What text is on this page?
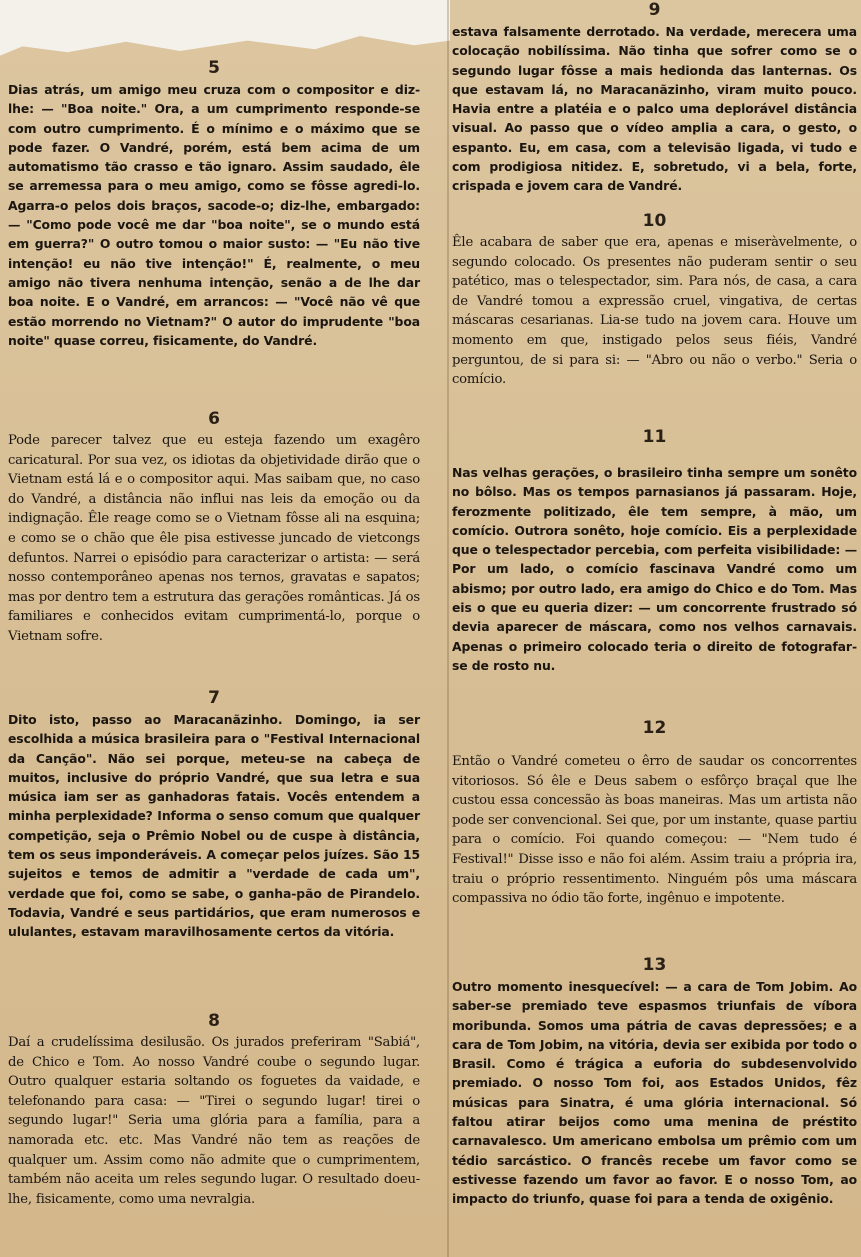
5

Dias atrás, um amigo meu cruza com o compositor e diz-lhe: — "Boa noite." Ora, a um cumprimento responde-se com outro cumprimento. É o mínimo e o máximo que se pode fazer. O Vandré, porém, está bem acima de um automatismo tão crasso e tão ignaro. Assim saudado, êle se arremessa para o meu amigo, como se fôsse agredi-lo. Agarra-o pelos dois braços, sacode-o; diz-lhe, embargado: — "Como pode você me dar "boa noite", se o mundo está em guerra?" O outro tomou o maior susto: — "Eu não tive intenção! eu não tive intenção!" É, realmente, o meu amigo não tivera nenhuma intenção, senão a de lhe dar boa noite. E o Vandré, em arrancos: — "Você não vê que estão morrendo no Vietnam?" O autor do imprudente "boa noite" quase correu, fisicamente, do Vandré.

6

Pode parecer talvez que eu esteja fazendo um exagêro caricatural. Por sua vez, os idiotas da objetividade dirão que o Vietnam está lá e o compositor aqui. Mas saibam que, no caso do Vandré, a distância não influi nas leis da emoção ou da indignação. Êle reage como se o Vietnam fôsse ali na esquina; e como se o chão que êle pisa estivesse juncado de vietcongs defuntos. Narrei o episódio para caracterizar o artista: — será nosso contemporâneo apenas nos ternos, gravatas e sapatos; mas por dentro tem a estrutura das gerações românticas. Já os familiares e conhecidos evitam cumprimentá-lo, porque o Vietnam sofre.

7

Dito isto, passo ao Maracanãzinho. Domingo, ia ser escolhida a música brasileira para o "Festival Internacional da Canção". Não sei porque, meteu-se na cabeça de muitos, inclusive do próprio Vandré, que sua letra e sua música iam ser as ganhadoras fatais. Vocês entendem a minha perplexidade? Informa o senso comum que qualquer competição, seja o Prêmio Nobel ou de cuspe à distância, tem os seus imponderáveis. A começar pelos juízes. São 15 sujeitos e temos de admitir a "verdade de cada um", verdade que foi, como se sabe, o ganha-pão de Pirandelo. Todavia, Vandré e seus partidários, que eram numerosos e ululantes, estavam maravilhosamente certos da vitória.

8

Daí a crudelíssima desilusão. Os jurados preferiram "Sabiá", de Chico e Tom. Ao nosso Vandré coube o segundo lugar. Outro qualquer estaria soltando os foguetes da vaidade, e telefonando para casa: — "Tirei o segundo lugar! tirei o segundo lugar!" Seria uma glória para a família, para a namorada etc. etc. Mas Vandré não tem as reações de qualquer um. Assim como não admite que o cumprimentem, também não aceita um reles segundo lugar. O resultado doeu-lhe, fisicamente, como uma nevralgia.

9

estava falsamente derrotado. Na verdade, merecera uma colocação nobilíssima. Não tinha que sofrer como se o segundo lugar fôsse a mais hedionda das lanternas. Os que estavam lá, no Maracanãzinho, viram muito pouco. Havia entre a platéia e o palco uma deplorável distância visual. Ao passo que o vídeo amplia a cara, o gesto, o espanto. Eu, em casa, com a televisão ligada, vi tudo e com prodigiosa nitidez. E, sobretudo, vi a bela, forte, crispada e jovem cara de Vandré.

10

Êle acabara de saber que era, apenas e miseràvelmente, o segundo colocado. Os presentes não puderam sentir o seu patético, mas o telespectador, sim. Para nós, de casa, a cara de Vandré tomou a expressão cruel, vingativa, de certas máscaras cesarianas. Lia-se tudo na jovem cara. Houve um momento em que, instigado pelos seus fiéis, Vandré perguntou, de si para si: — "Abro ou não o verbo." Seria o comício.

11

Nas velhas gerações, o brasileiro tinha sempre um sonêto no bôlso. Mas os tempos parnasianos já passaram. Hoje, ferozmente politizado, êle tem sempre, à mão, um comício. Outrora sonêto, hoje comício. Eis a perplexidade que o telespectador percebia, com perfeita visibilidade: — Por um lado, o comício fascinava Vandré como um abismo; por outro lado, era amigo do Chico e do Tom. Mas eis o que eu queria dizer: — um concorrente frustrado só devia aparecer de máscara, como nos velhos carnavais. Apenas o primeiro colocado teria o direito de fotografar-se de rosto nu.

12

Então o Vandré cometeu o êrro de saudar os concorrentes vitoriosos. Só êle e Deus sabem o esfôrço braçal que lhe custou essa concessão às boas maneiras. Mas um artista não pode ser convencional. Sei que, por um instante, quase partiu para o comício. Foi quando começou: — "Nem tudo é Festival!" Disse isso e não foi além. Assim traiu a própria ira, traiu o próprio ressentimento. Ninguém pôs uma máscara compassiva no ódio tão forte, ingênuo e impotente.

13

Outro momento inesquecível: — a cara de Tom Jobim. Ao saber-se premiado teve espasmos triunfais de víbora moribunda. Somos uma pátria de cavas depressões; e a cara de Tom Jobim, na vitória, devia ser exibida por todo o Brasil. Como é trágica a euforia do subdesenvolvido premiado. O nosso Tom foi, aos Estados Unidos, fêz músicas para Sinatra, é uma glória internacional. Só faltou atirar beijos como uma menina de préstito carnavalesco. Um americano embolsa um prêmio com um tédio sarcástico. O francês recebe um favor como se estivesse fazendo um favor ao favor. E o nosso Tom, ao impacto do triunfo, quase foi para a tenda de oxigênio.
